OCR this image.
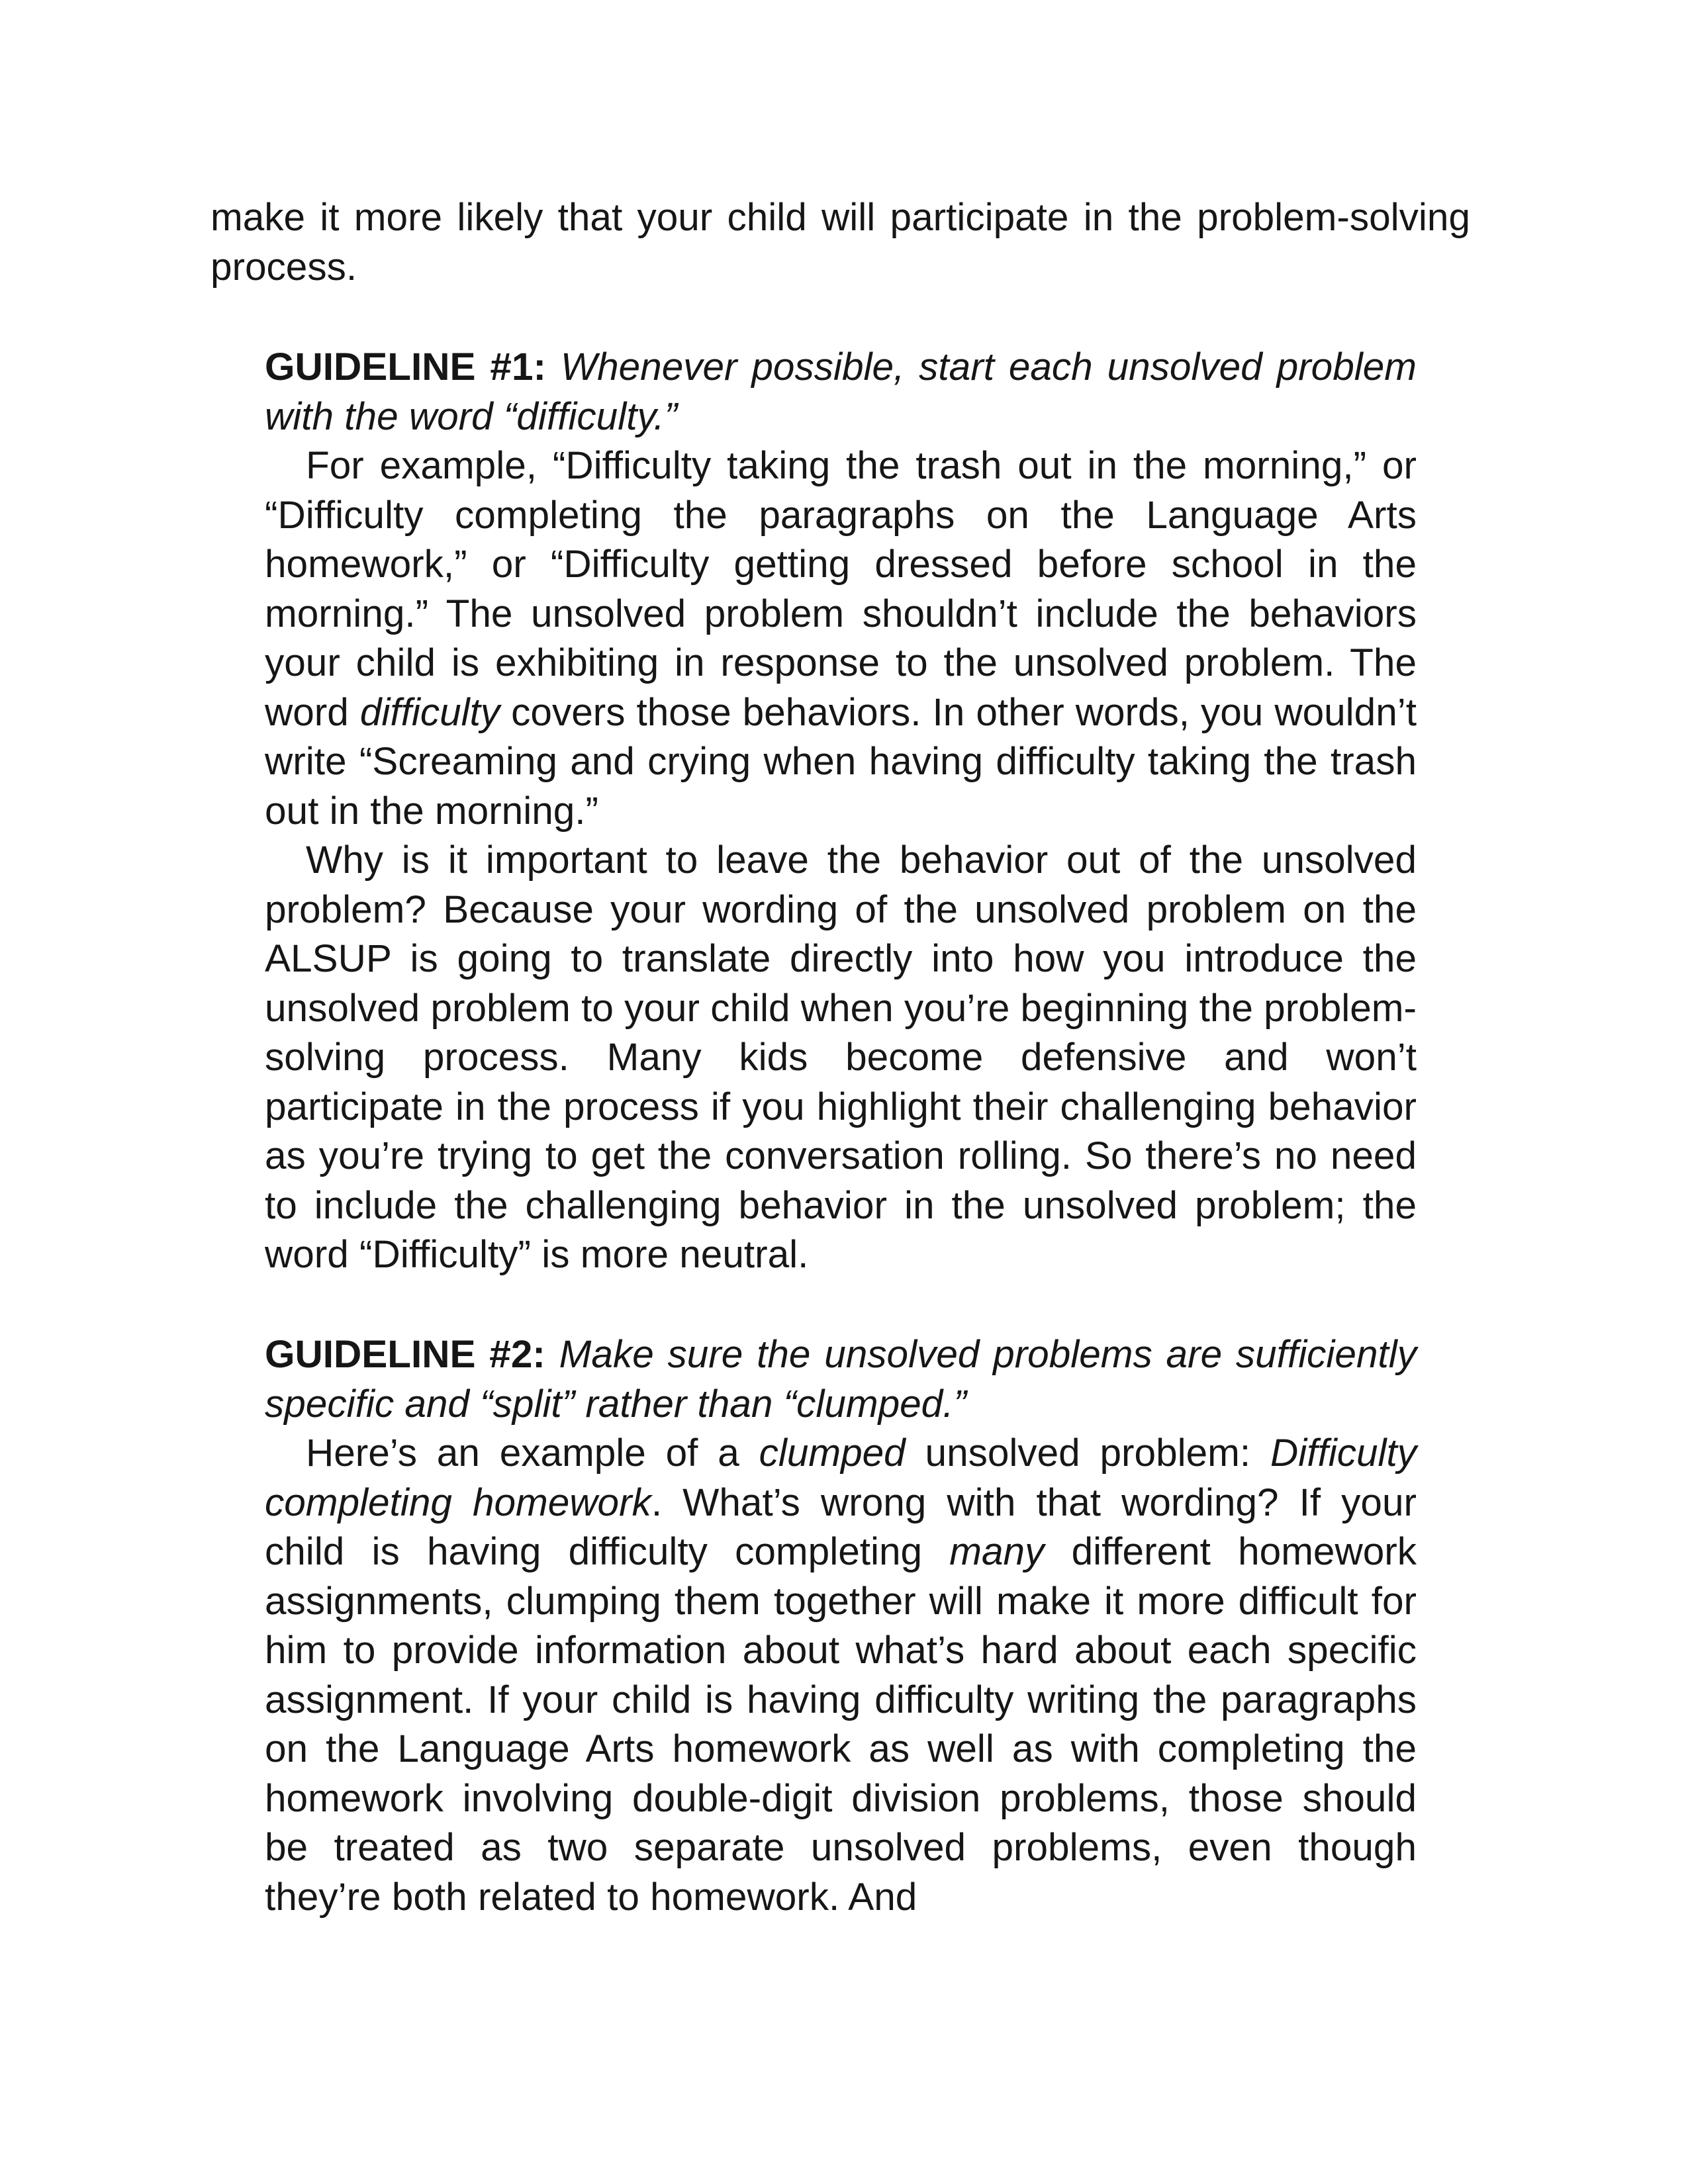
make it more likely that your child will participate in the problem-solving process.

GUIDELINE #1: Whenever possible, start each unsolved problem with the word “difficulty.”

For example, “Difficulty taking the trash out in the morning,” or “Difficulty completing the paragraphs on the Language Arts homework,” or “Difficulty getting dressed before school in the morning.” The unsolved problem shouldn’t include the behaviors your child is exhibiting in response to the unsolved problem. The word difficulty covers those behaviors. In other words, you wouldn’t write “Screaming and crying when having difficulty taking the trash out in the morning.”

Why is it important to leave the behavior out of the unsolved problem? Because your wording of the unsolved problem on the ALSUP is going to translate directly into how you introduce the unsolved problem to your child when you’re beginning the problem-solving process. Many kids become defensive and won’t participate in the process if you highlight their challenging behavior as you’re trying to get the conversation rolling. So there’s no need to include the challenging behavior in the unsolved problem; the word “Difficulty” is more neutral.

GUIDELINE #2: Make sure the unsolved problems are sufficiently specific and “split” rather than “clumped.”

Here’s an example of a clumped unsolved problem: Difficulty completing homework. What’s wrong with that wording? If your child is having difficulty completing many different homework assignments, clumping them together will make it more difficult for him to provide information about what’s hard about each specific assignment. If your child is having difficulty writing the paragraphs on the Language Arts homework as well as with completing the homework involving double-digit division problems, those should be treated as two separate unsolved problems, even though they’re both related to homework. And
